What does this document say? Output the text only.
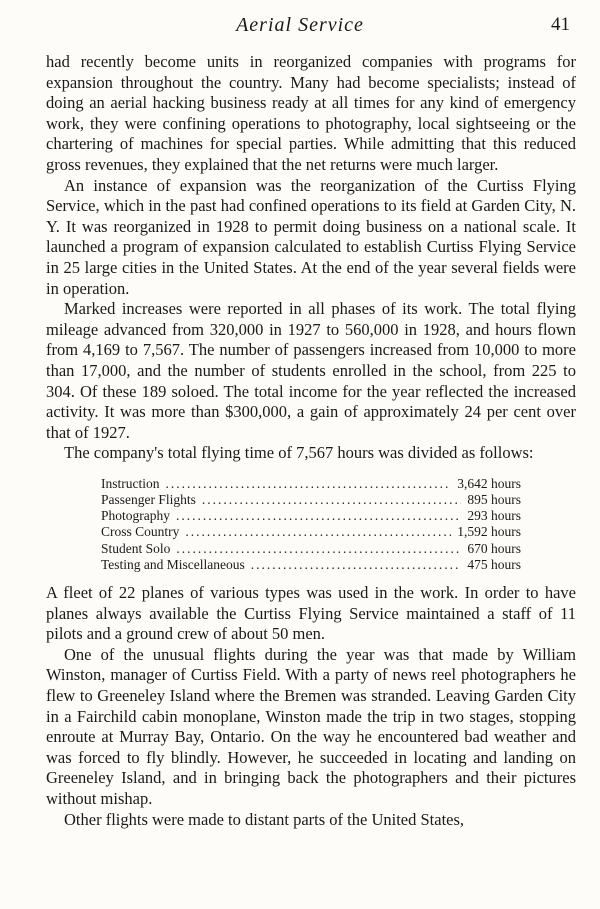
Aerial Service	41

had recently become units in reorganized companies with programs for expansion throughout the country. Many had become specialists; instead of doing an aerial hacking business ready at all times for any kind of emergency work, they were confining operations to photography, local sightseeing or the chartering of machines for special parties. While admitting that this reduced gross revenues, they explained that the net returns were much larger.

An instance of expansion was the reorganization of the Curtiss Flying Service, which in the past had confined operations to its field at Garden City, N. Y. It was reorganized in 1928 to permit doing business on a national scale. It launched a program of expansion calculated to establish Curtiss Flying Service in 25 large cities in the United States. At the end of the year several fields were in operation.

Marked increases were reported in all phases of its work. The total flying mileage advanced from 320,000 in 1927 to 560,000 in 1928, and hours flown from 4,169 to 7,567. The number of passengers increased from 10,000 to more than 17,000, and the number of students enrolled in the school, from 225 to 304. Of these 189 soloed. The total income for the year reflected the increased activity. It was more than $300,000, a gain of approximately 24 per cent over that of 1927.

The company's total flying time of 7,567 hours was divided as follows:

Instruction .....	3,642 hours
Passenger Flights .....	895 hours
Photography .....	293 hours
Cross Country .....	1,592 hours
Student Solo .....	670 hours
Testing and Miscellaneous .....	475 hours

A fleet of 22 planes of various types was used in the work. In order to have planes always available the Curtiss Flying Service maintained a staff of 11 pilots and a ground crew of about 50 men.

One of the unusual flights during the year was that made by William Winston, manager of Curtiss Field. With a party of news reel photographers he flew to Greeneley Island where the Bremen was stranded. Leaving Garden City in a Fairchild cabin monoplane, Winston made the trip in two stages, stopping enroute at Murray Bay, Ontario. On the way he encountered bad weather and was forced to fly blindly. However, he succeeded in locating and landing on Greeneley Island, and in bringing back the photographers and their pictures without mishap.

Other flights were made to distant parts of the United States,
